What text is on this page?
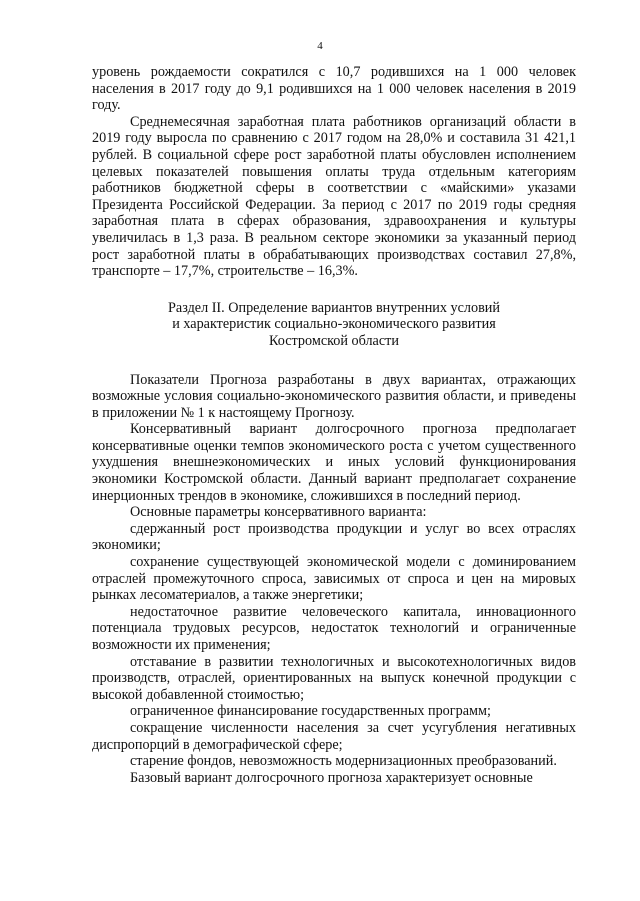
4

уровень рождаемости сократился с 10,7 родившихся на 1 000 человек населения в 2017 году до 9,1 родившихся на 1 000 человек населения в 2019 году.

Среднемесячная заработная плата работников организаций области в 2019 году выросла по сравнению с 2017 годом на 28,0% и составила 31 421,1 рублей. В социальной сфере рост заработной платы обусловлен исполнением целевых показателей повышения оплаты труда отдельным категориям работников бюджетной сферы в соответствии с «майскими» указами Президента Российской Федерации. За период с 2017 по 2019 годы средняя заработная плата в сферах образования, здравоохранения и культуры увеличилась в 1,3 раза. В реальном секторе экономики за указанный период рост заработной платы в обрабатывающих производствах составил 27,8%, транспорте – 17,7%, строительстве – 16,3%.

Раздел II. Определение вариантов внутренних условий
и характеристик социально-экономического развития
Костромской области

Показатели Прогноза разработаны в двух вариантах, отражающих возможные условия социально-экономического развития области, и приведены в приложении № 1 к настоящему Прогнозу.

Консервативный вариант долгосрочного прогноза предполагает консервативные оценки темпов экономического роста с учетом существенного ухудшения внешнеэкономических и иных условий функционирования экономики Костромской области. Данный вариант предполагает сохранение инерционных трендов в экономике, сложившихся в последний период.

Основные параметры консервативного варианта:

сдержанный рост производства продукции и услуг во всех отраслях экономики;

сохранение существующей экономической модели с доминированием отраслей промежуточного спроса, зависимых от спроса и цен на мировых рынках лесоматериалов, а также энергетики;

недостаточное развитие человеческого капитала, инновационного потенциала трудовых ресурсов, недостаток технологий и ограниченные возможности их применения;

отставание в развитии технологичных и высокотехнологичных видов производств, отраслей, ориентированных на выпуск конечной продукции с высокой добавленной стоимостью;

ограниченное финансирование государственных программ;

сокращение численности населения за счет усугубления негативных диспропорций в демографической сфере;

старение фондов, невозможность модернизационных преобразований.

Базовый вариант долгосрочного прогноза характеризует основные
